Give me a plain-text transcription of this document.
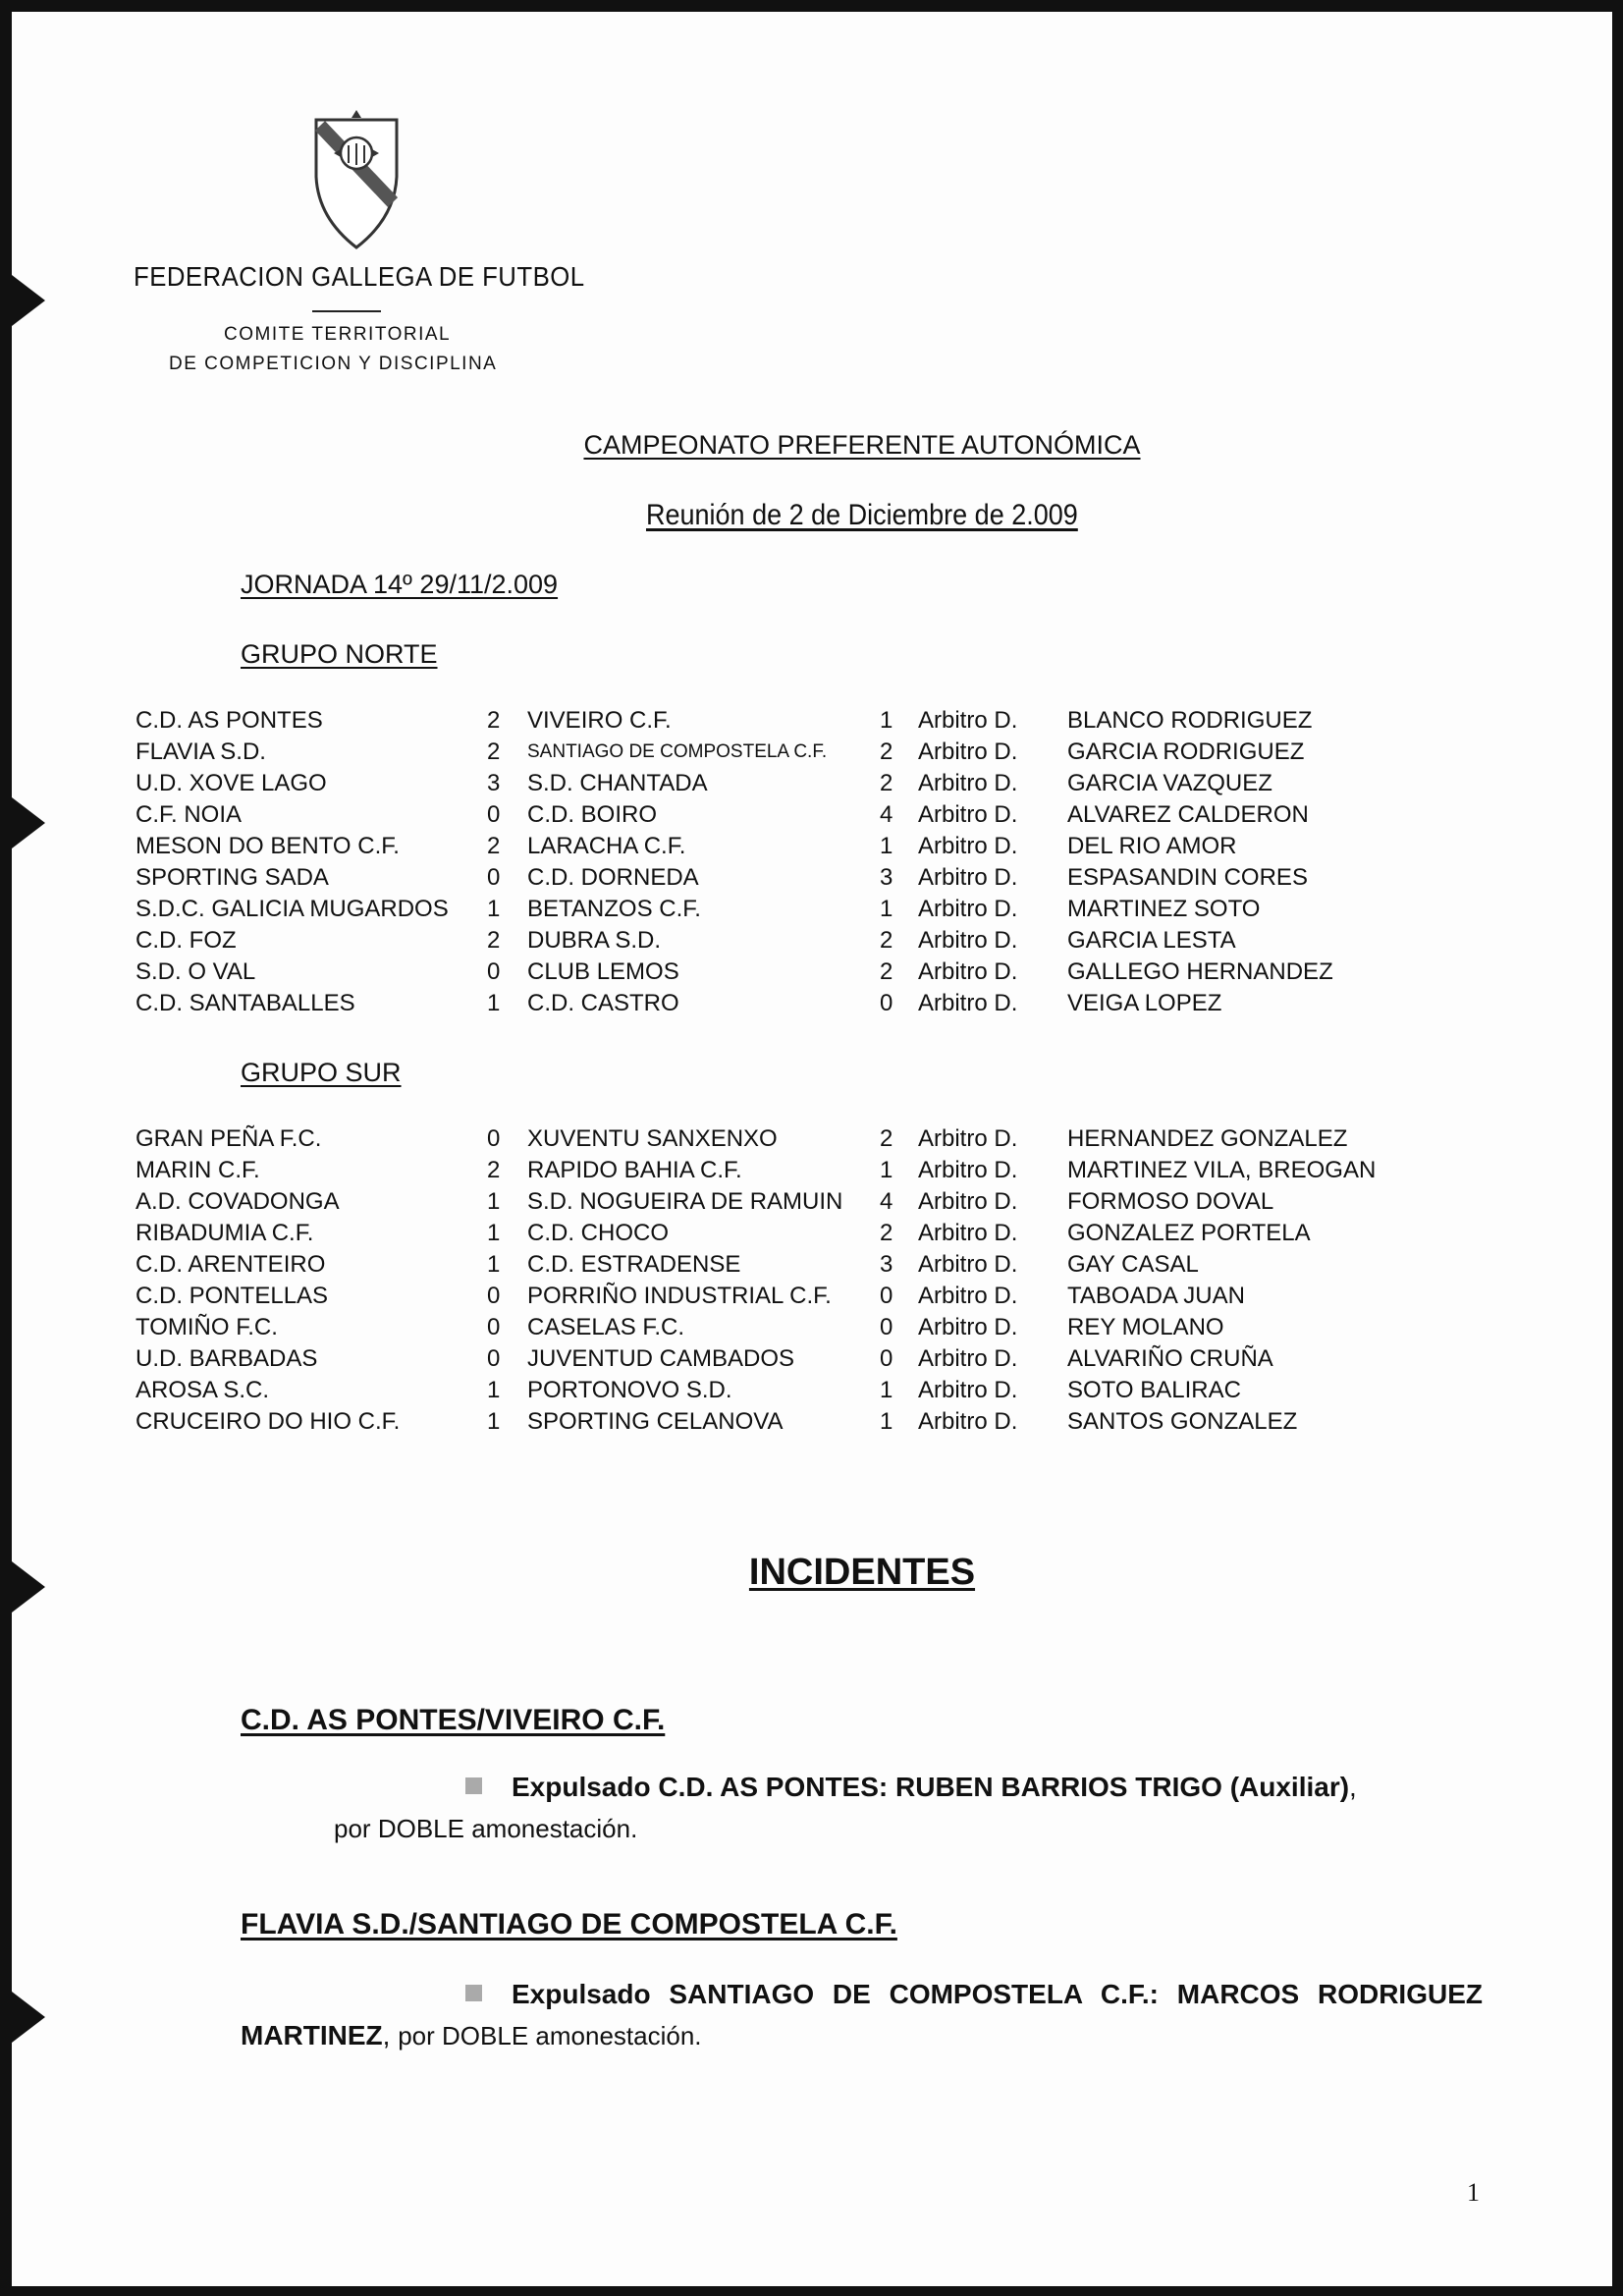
FEDERACION GALLEGA DE FUTBOL
COMITE TERRITORIAL
DE COMPETICION Y DISCIPLINA
CAMPEONATO PREFERENTE AUTONÓMICA
Reunión de 2 de Diciembre de 2.009
JORNADA 14º 29/11/2.009
GRUPO NORTE
C.D. AS PONTES	2 VIVEIRO C.F.	1 Arbitro D. BLANCO RODRIGUEZ
FLAVIA S.D.	2 SANTIAGO DE COMPOSTELA C.F. 2 Arbitro D. GARCIA RODRIGUEZ
U.D. XOVE LAGO	3 S.D. CHANTADA	2 Arbitro D. GARCIA VAZQUEZ
C.F. NOIA	0 C.D. BOIRO	4 Arbitro D. ALVAREZ CALDERON
MESON DO BENTO C.F.	2 LARACHA C.F.	1 Arbitro D. DEL RIO AMOR
SPORTING SADA	0 C.D. DORNEDA	3 Arbitro D. ESPASANDIN CORES
S.D.C. GALICIA MUGARDOS 1 BETANZOS C.F.	1 Arbitro D. MARTINEZ SOTO
C.D. FOZ	2 DUBRA S.D.	2 Arbitro D. GARCIA LESTA
S.D. O VAL	0 CLUB LEMOS	2 Arbitro D. GALLEGO HERNANDEZ
C.D. SANTABALLES	1 C.D. CASTRO	0 Arbitro D. VEIGA LOPEZ
GRUPO SUR
GRAN PEÑA F.C.	0 XUVENTU SANXENXO	2 Arbitro D. HERNANDEZ GONZALEZ
MARIN C.F.	2 RAPIDO BAHIA C.F.	1 Arbitro D. MARTINEZ VILA, BREOGAN
A.D. COVADONGA	1 S.D. NOGUEIRA DE RAMUIN 4 Arbitro D. FORMOSO DOVAL
RIBADUMIA C.F.	1 C.D. CHOCO	2 Arbitro D. GONZALEZ PORTELA
C.D. ARENTEIRO	1 C.D. ESTRADENSE	3 Arbitro D. GAY CASAL
C.D. PONTELLAS	0 PORRIÑO INDUSTRIAL C.F. 0 Arbitro D. TABOADA JUAN
TOMIÑO F.C.	0 CASELAS F.C.	0 Arbitro D. REY MOLANO
U.D. BARBADAS	0 JUVENTUD CAMBADOS	0 Arbitro D. ALVARIÑO CRUÑA
AROSA S.C.	1 PORTONOVO S.D.	1 Arbitro D. SOTO BALIRAC
CRUCEIRO DO HIO C.F.	1 SPORTING CELANOVA	1 Arbitro D. SANTOS GONZALEZ
INCIDENTES
C.D. AS PONTES/VIVEIRO C.F.
Expulsado C.D. AS PONTES: RUBEN BARRIOS TRIGO (Auxiliar),
por DOBLE amonestación.
FLAVIA S.D./SANTIAGO DE COMPOSTELA C.F.
Expulsado SANTIAGO DE COMPOSTELA C.F.: MARCOS RODRIGUEZ MARTINEZ, por DOBLE amonestación.
1
